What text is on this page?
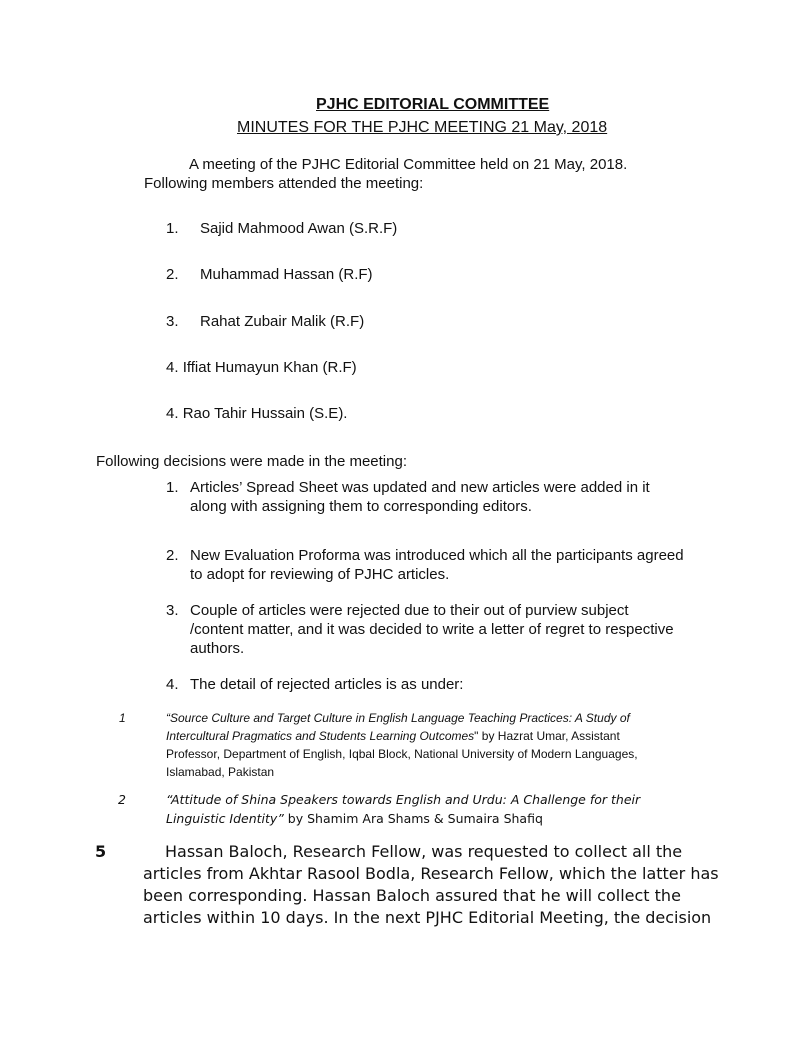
PJHC EDITORIAL COMMITTEE
MINUTES FOR THE PJHC MEETING 21 May, 2018
A meeting of the PJHC Editorial Committee held on 21 May, 2018.
Following members attended the meeting:
1. Sajid Mahmood Awan (S.R.F)
2. Muhammad Hassan (R.F)
3. Rahat Zubair Malik (R.F)
4. Iffiat Humayun Khan (R.F)
4. Rao Tahir Hussain (S.E).
Following decisions were made in the meeting:
1. Articles’ Spread Sheet was updated and new articles were added in it
along with assigning them to corresponding editors.
2. New Evaluation Proforma was introduced which all the participants agreed
to adopt for reviewing of PJHC articles.
3. Couple of articles were rejected due to their out of purview subject
/content matter, and it was decided to write a letter of regret to respective
authors.
4. The detail of rejected articles is as under:
1	“Source Culture and Target Culture in English Language Teaching Practices: A Study of
Intercultural Pragmatics and Students Learning Outcomes" by Hazrat Umar, Assistant
Professor, Department of English, Iqbal Block, National University of Modern Languages,
Islamabad, Pakistan
2	“Attitude of Shina Speakers towards English and Urdu: A Challenge for their
Linguistic Identity” by Shamim Ara Shams & Sumaira Shafiq
5	Hassan Baloch, Research Fellow, was requested to collect all the
articles from Akhtar Rasool Bodla, Research Fellow, which the latter has
been corresponding. Hassan Baloch assured that he will collect the
articles within 10 days. In the next PJHC Editorial Meeting, the decision
